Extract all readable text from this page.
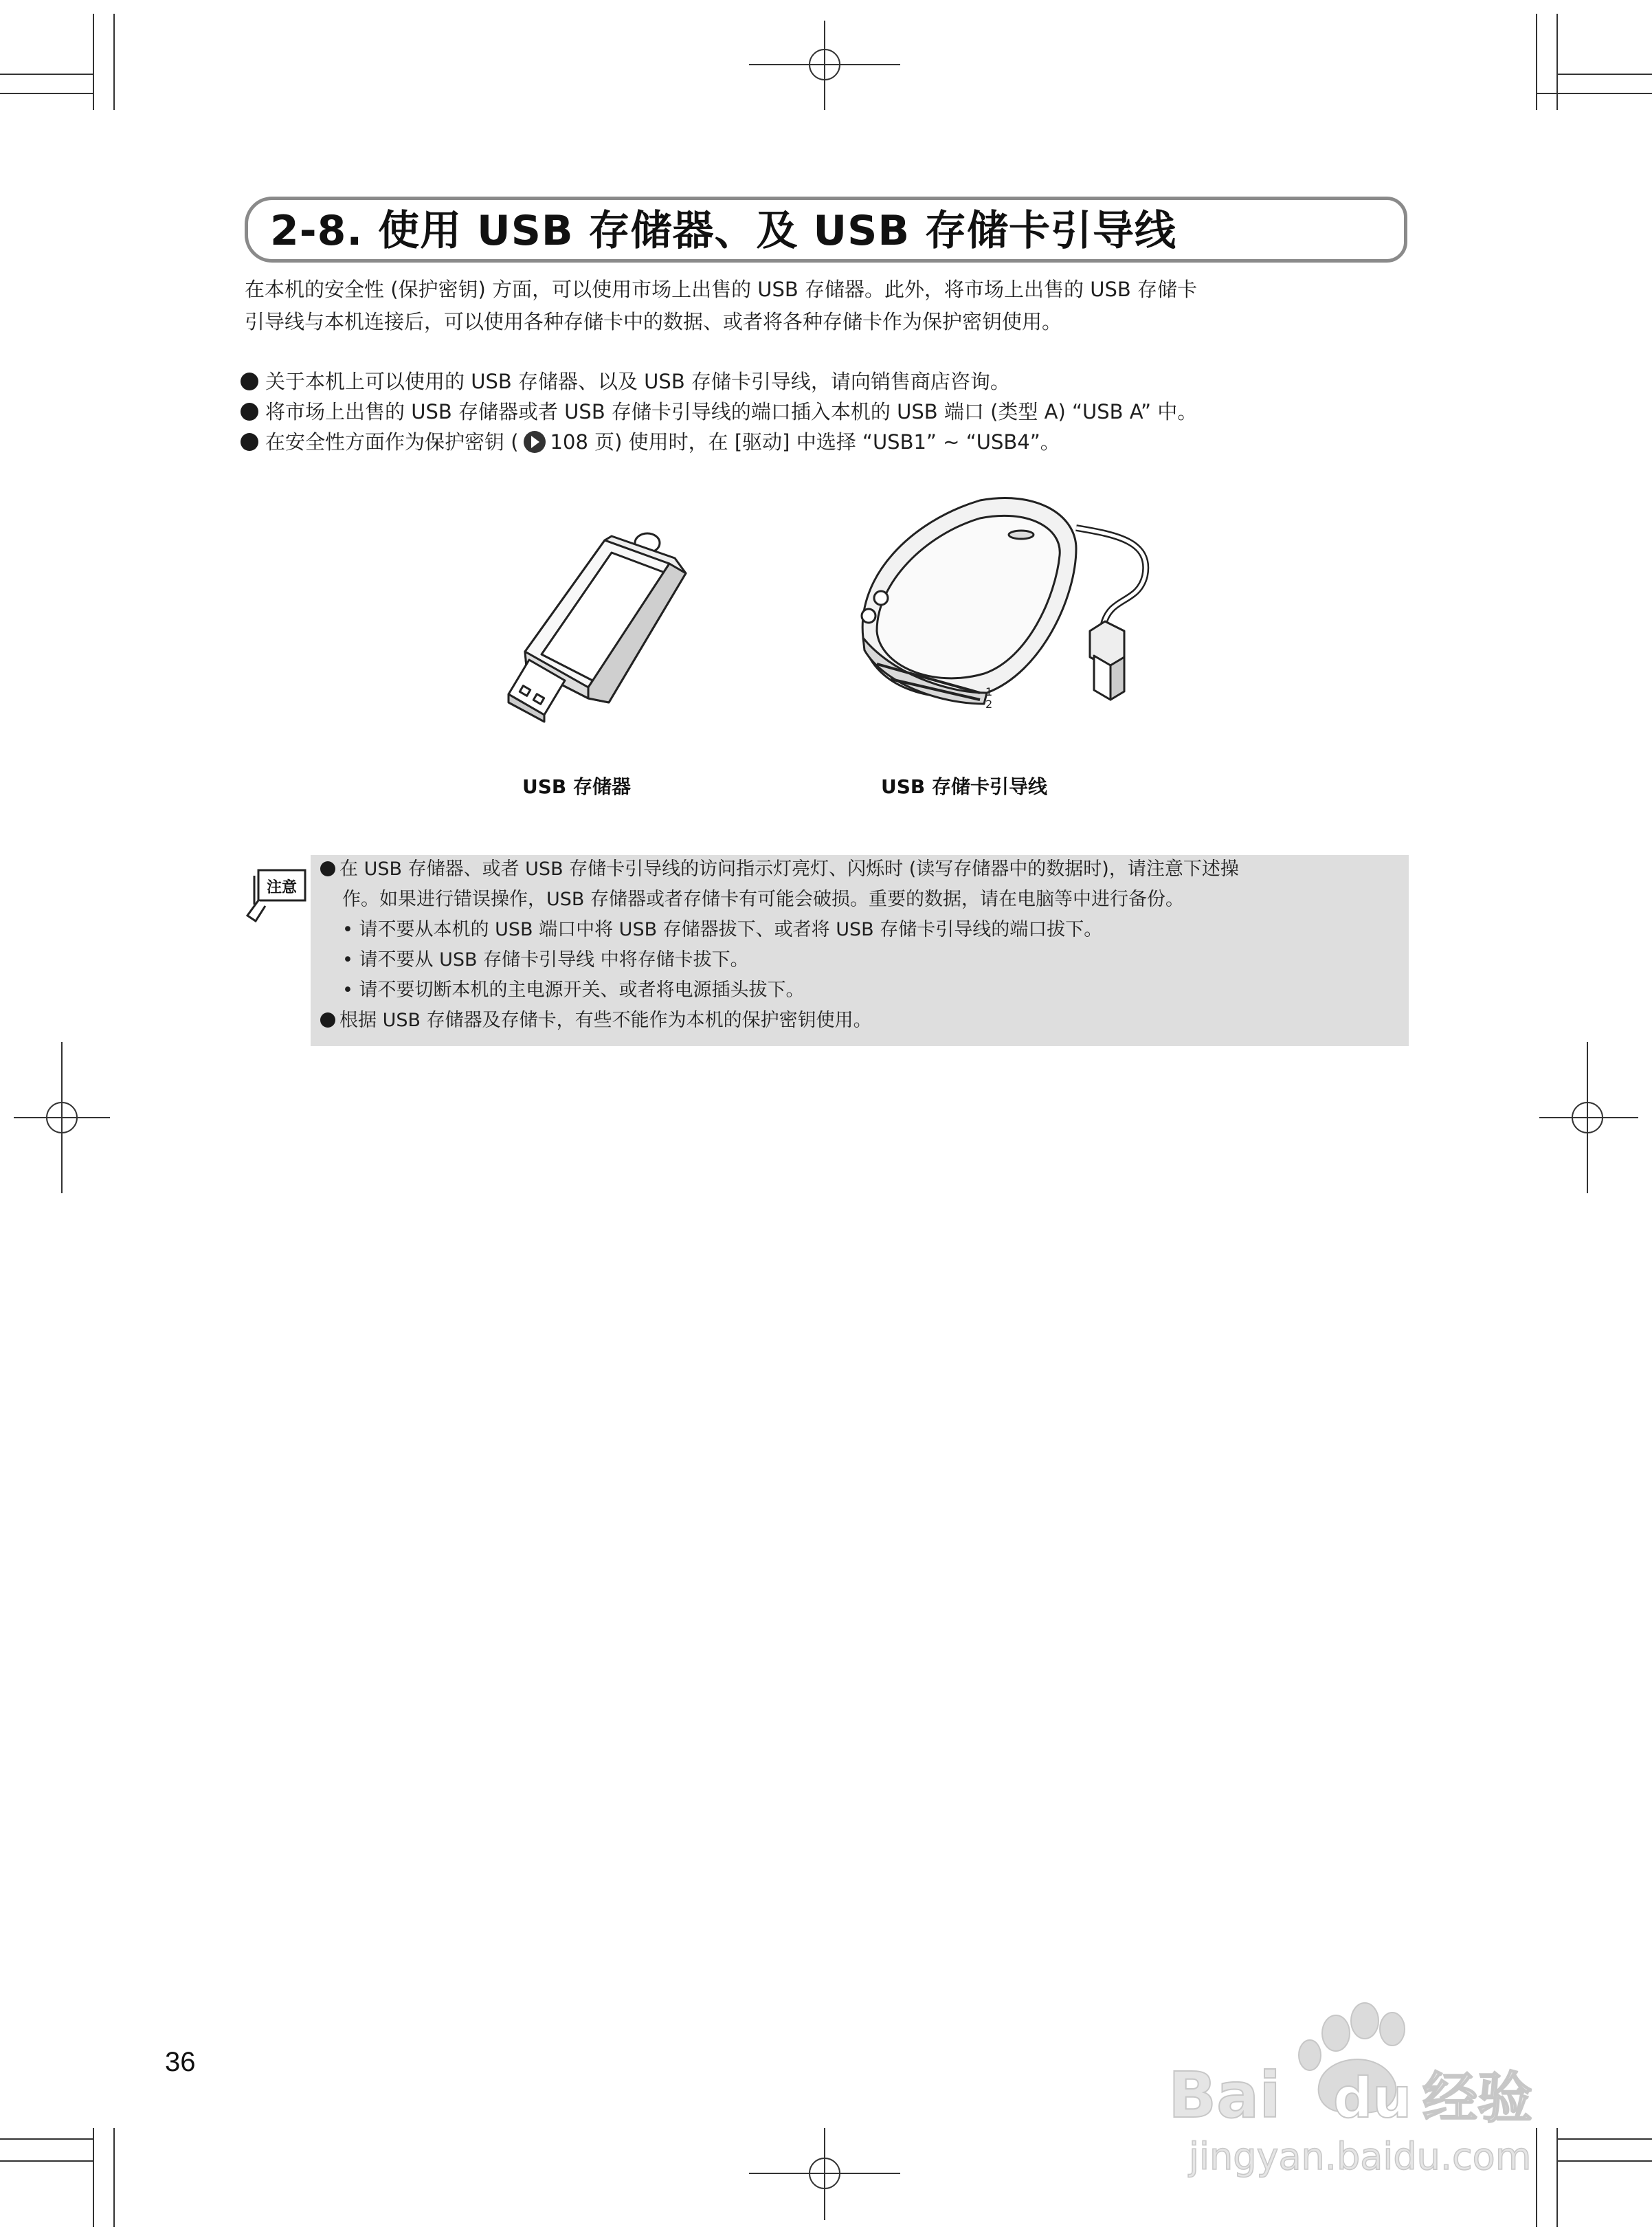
2-8. 使用 USB 存储器、及 USB 存储卡引导线
在本机的安全性 (保护密钥) 方面，可以使用市场上出售的 USB 存储器。此外，将市场上出售的 USB 存储卡
引导线与本机连接后，可以使用各种存储卡中的数据、或者将各种存储卡作为保护密钥使用。
关于本机上可以使用的 USB 存储器、以及 USB 存储卡引导线，请向销售商店咨询。
将市场上出售的 USB 存储器或者 USB 存储卡引导线的端口插入本机的 USB 端口 (类型 A) “USB A” 中。
在安全性方面作为保护密钥 ( 108 页) 使用时，在 [驱动] 中选择 “USB1” ~ “USB4”。
1
2
USB 存储器	USB 存储卡引导线
注意
在 USB 存储器、或者 USB 存储卡引导线的访问指示灯亮灯、闪烁时 (读写存储器中的数据时)，请注意下述操
作。如果进行错误操作，USB 存储器或者存储卡有可能会破损。重要的数据，请在电脑等中进行备份。
• 请不要从本机的 USB 端口中将 USB 存储器拔下、或者将 USB 存储卡引导线的端口拔下。
• 请不要从 USB 存储卡引导线 中将存储卡拔下。
• 请不要切断本机的主电源开关、或者将电源插头拔下。
根据 USB 存储器及存储卡，有些不能作为本机的保护密钥使用。
36	Bai du 经验
jingyan.baidu.com
